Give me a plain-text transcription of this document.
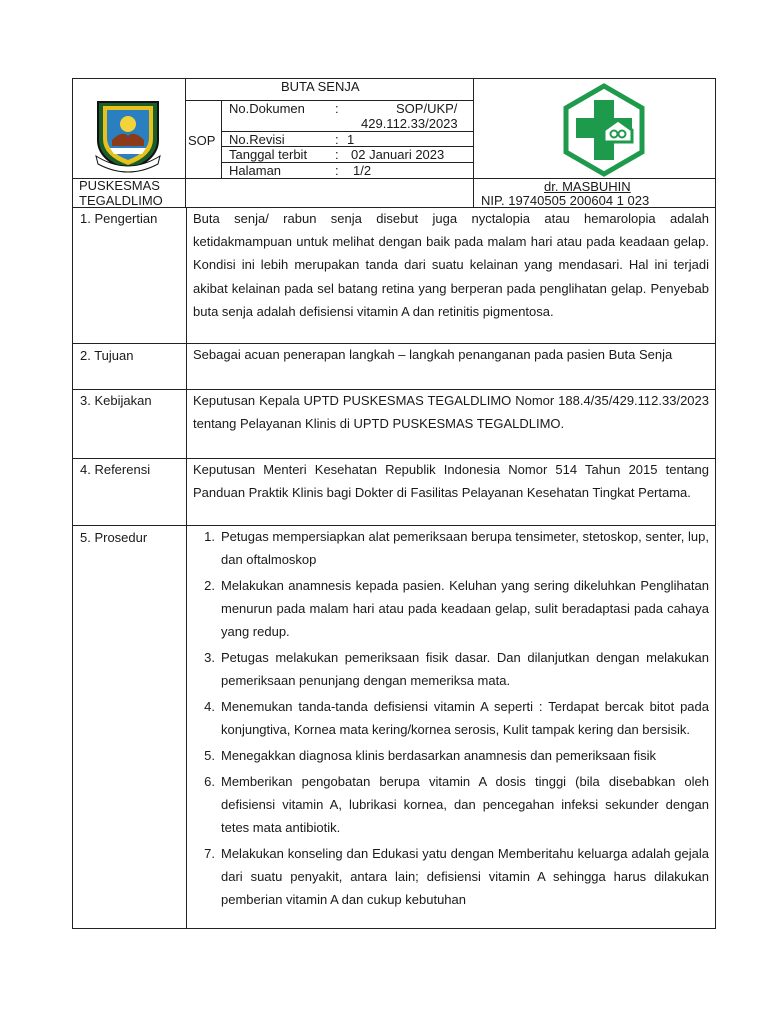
BUTA SENJA
SOP
No.Dokumen :	SOP/UKP/
429.112.33/2023
No.Revisi	: 1
Tanggal terbit : 02 Januari 2023
Halaman	: 1/2
PUSKESMAS
TEGALDLIMO
dr. MASBUHIN
NIP. 19740505 200604 1 023
1. Pengertian	Buta senja/ rabun senja disebut juga nyctalopia atau hemarolopia adalah ketidakmampuan untuk melihat dengan baik pada malam hari atau pada keadaan gelap. Kondisi ini lebih merupakan tanda dari suatu kelainan yang mendasari. Hal ini terjadi akibat kelainan pada sel batang retina yang berperan pada penglihatan gelap. Penyebab buta senja adalah defisiensi vitamin A dan retinitis pigmentosa.
2. Tujuan	Sebagai acuan penerapan langkah – langkah penanganan pada pasien Buta Senja
3. Kebijakan	Keputusan Kepala UPTD PUSKESMAS TEGALDLIMO Nomor 188.4/35/429.112.33/2023 tentang Pelayanan Klinis di UPTD PUSKESMAS TEGALDLIMO.
4. Referensi	Keputusan Menteri Kesehatan Republik Indonesia Nomor 514 Tahun 2015 tentang Panduan Praktik Klinis bagi Dokter di Fasilitas Pelayanan Kesehatan Tingkat Pertama.
5. Prosedur	1. Petugas mempersiapkan alat pemeriksaan berupa tensimeter, stetoskop, senter, lup, dan oftalmoskop
2. Melakukan anamnesis kepada pasien. Keluhan yang sering dikeluhkan Penglihatan menurun pada malam hari atau pada keadaan gelap, sulit beradaptasi pada cahaya yang redup.
3. Petugas melakukan pemeriksaan fisik dasar. Dan dilanjutkan dengan melakukan pemeriksaan penunjang dengan memeriksa mata.
4. Menemukan tanda-tanda defisiensi vitamin A seperti : Terdapat bercak bitot pada konjungtiva, Kornea mata kering/kornea serosis, Kulit tampak kering dan bersisik.
5. Menegakkan diagnosa klinis berdasarkan anamnesis dan pemeriksaan fisik
6. Memberikan pengobatan berupa vitamin A dosis tinggi (bila disebabkan oleh defisiensi vitamin A, lubrikasi kornea, dan pencegahan infeksi sekunder dengan tetes mata antibiotik.
7. Melakukan konseling dan Edukasi yatu dengan Memberitahu keluarga adalah gejala dari suatu penyakit, antara lain; defisiensi vitamin A sehingga harus dilakukan pemberian vitamin A dan cukup kebutuhan
